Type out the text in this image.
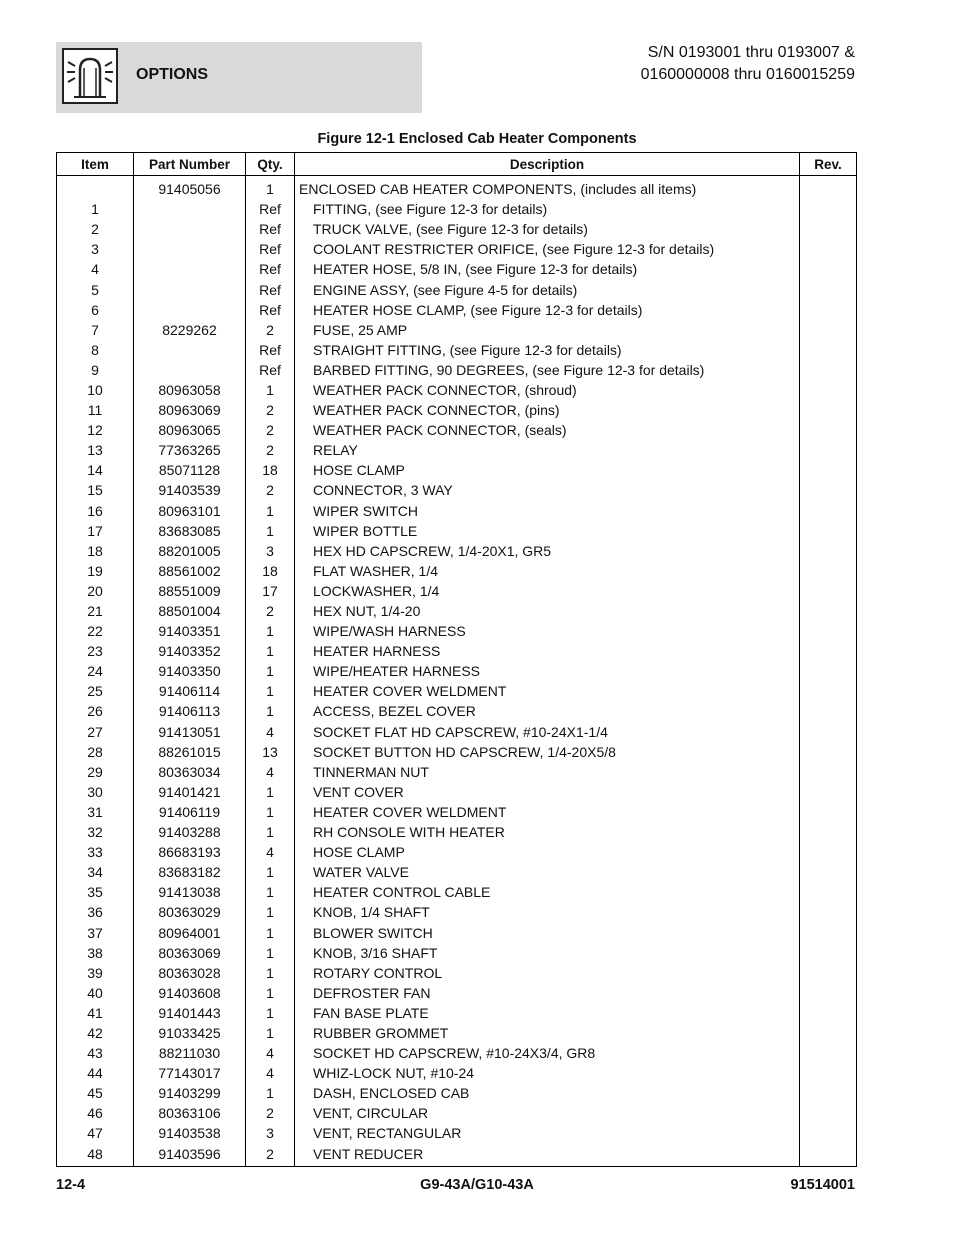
OPTIONS
S/N 0193001 thru 0193007 &
0160000008 thru 0160015259
Figure 12-1 Enclosed Cab Heater Components
Item	Part Number	Qty.	Description	Rev.
	91405056	1	ENCLOSED CAB HEATER COMPONENTS, (includes all items)	
1		Ref	FITTING, (see Figure 12-3 for details)	
2		Ref	TRUCK VALVE, (see Figure 12-3 for details)	
3		Ref	COOLANT RESTRICTER ORIFICE, (see Figure 12-3 for details)	
4		Ref	HEATER HOSE, 5/8 IN, (see Figure 12-3 for details)	
5		Ref	ENGINE ASSY, (see Figure 4-5 for details)	
6		Ref	HEATER HOSE CLAMP, (see Figure 12-3 for details)	
7	8229262	2	FUSE, 25 AMP	
8		Ref	STRAIGHT FITTING, (see Figure 12-3 for details)	
9		Ref	BARBED FITTING, 90 DEGREES, (see Figure 12-3 for details)	
10	80963058	1	WEATHER PACK CONNECTOR, (shroud)	
11	80963069	2	WEATHER PACK CONNECTOR, (pins)	
12	80963065	2	WEATHER PACK CONNECTOR, (seals)	
13	77363265	2	RELAY	
14	85071128	18	HOSE CLAMP	
15	91403539	2	CONNECTOR, 3 WAY	
16	80963101	1	WIPER SWITCH	
17	83683085	1	WIPER BOTTLE	
18	88201005	3	HEX HD CAPSCREW, 1/4-20X1, GR5	
19	88561002	18	FLAT WASHER, 1/4	
20	88551009	17	LOCKWASHER, 1/4	
21	88501004	2	HEX NUT, 1/4-20	
22	91403351	1	WIPE/WASH HARNESS	
23	91403352	1	HEATER HARNESS	
24	91403350	1	WIPE/HEATER HARNESS	
25	91406114	1	HEATER COVER WELDMENT	
26	91406113	1	ACCESS, BEZEL COVER	
27	91413051	4	SOCKET FLAT HD CAPSCREW, #10-24X1-1/4	
28	88261015	13	SOCKET BUTTON HD CAPSCREW, 1/4-20X5/8	
29	80363034	4	TINNERMAN NUT	
30	91401421	1	VENT COVER	
31	91406119	1	HEATER COVER WELDMENT	
32	91403288	1	RH CONSOLE WITH HEATER	
33	86683193	4	HOSE CLAMP	
34	83683182	1	WATER VALVE	
35	91413038	1	HEATER CONTROL CABLE	
36	80363029	1	KNOB, 1/4 SHAFT	
37	80964001	1	BLOWER SWITCH	
38	80363069	1	KNOB, 3/16 SHAFT	
39	80363028	1	ROTARY CONTROL	
40	91403608	1	DEFROSTER FAN	
41	91401443	1	FAN BASE PLATE	
42	91033425	1	RUBBER GROMMET	
43	88211030	4	SOCKET HD CAPSCREW, #10-24X3/4, GR8	
44	77143017	4	WHIZ-LOCK NUT, #10-24	
45	91403299	1	DASH, ENCLOSED CAB	
46	80363106	2	VENT, CIRCULAR	
47	91403538	3	VENT, RECTANGULAR	
48	91403596	2	VENT REDUCER	
12-4	G9-43A/G10-43A	91514001
